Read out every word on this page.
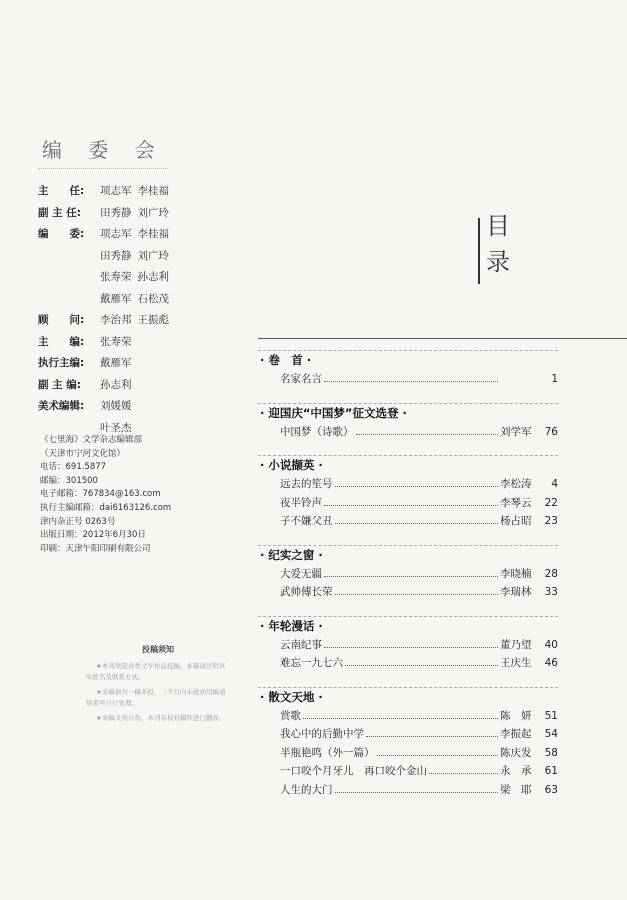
编 委 会
主　　任:	项志军 李桂福
副 主 任:	田秀静 刘广玲
编　　委:	项志军 李桂福
田秀静 刘广玲
张寿荣 孙志利
戴雁军 石松茂
顾　　问:	李治邦 王振彪
主　　编:	张寿荣
执行主编:	戴雁军
副 主 编:	孙志利
美术编辑:	刘媛媛
叶圣杰
《七里海》文学杂志编辑部
（天津市宁河文化馆）
电话：691.5877
邮编：301500
电子邮箱：767834@163.com
执行主编邮箱：dai6163126.com
津内杂正号 0263号
出版日期：2012年6月30日
印刷：天津午阳印刷有限公司
投稿须知
★本刊欢迎各类文学作品投稿，来稿请注明真实姓名及联系方式。
★来稿请勿一稿多投，三个月内未收到用稿通知者可自行处理。
★来稿文责自负，本刊有权对稿件进行删改。
目
录
· 卷　首 ·
名家名言	1
· 迎国庆“中国梦”征文选登 ·
中国梦（诗歌）	刘学军	76
· 小说撷英 ·
远去的笙号	李松涛	4
夜半铃声	李琴云	22
子不嫌父丑	杨占昭	23
· 纪实之窗 ·
大爱无疆	李晓楠	28
武帅傅长荣	李瑞林	33
· 年轮漫话 ·
云南纪事	董乃望	40
难忘一九七六	王庆生	46
· 散文天地 ·
赏歌	陈　妍	51
我心中的后勤中学	李振起	54
半瓶艳鸣（外一篇）	陈庆发	58
一口咬个月牙儿　再口咬个金山	永　承	61
人生的大门	梁　耶	63
